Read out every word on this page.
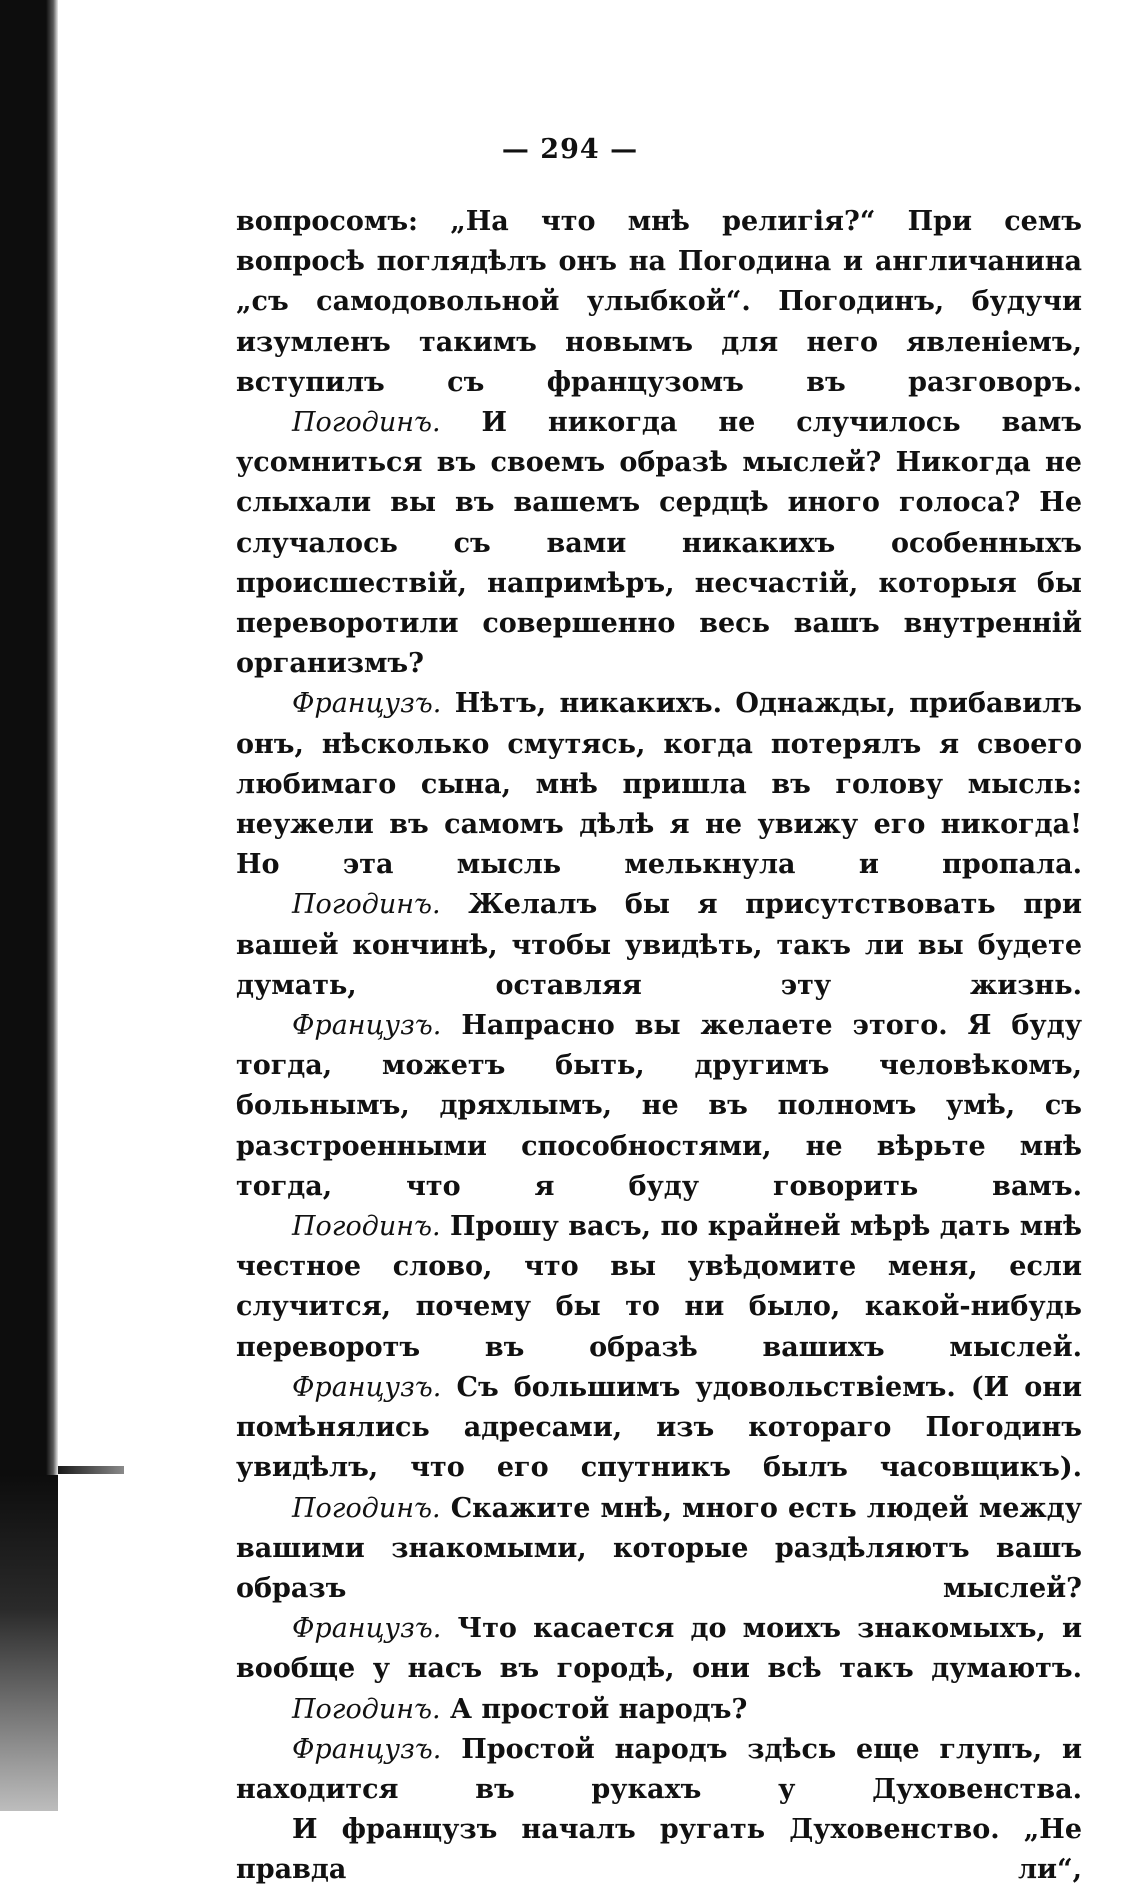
— 294 —

вопросомъ: „На что мнѣ религія?“ При семъ вопросѣ поглядѣлъ онъ на Погодина и англичанина „съ самодовольной улыбкой“. Погодинъ, будучи изумленъ такимъ новымъ для него явленіемъ, вступилъ съ французомъ въ разговоръ.

Погодинъ. И никогда не случилось вамъ усомниться въ своемъ образѣ мыслей? Никогда не слыхали вы въ вашемъ сердцѣ иного голоса? Не случалось съ вами никакихъ особенныхъ происшествій, напримѣръ, несчастій, которыя бы переворотили совершенно весь вашъ внутренній организмъ?

Французъ. Нѣтъ, никакихъ. Однажды, прибавилъ онъ, нѣсколько смутясь, когда потерялъ я своего любимаго сына, мнѣ пришла въ голову мысль: неужели въ самомъ дѣлѣ я не увижу его никогда! Но эта мысль мелькнула и пропала.

Погодинъ. Желалъ бы я присутствовать при вашей кончинѣ, чтобы увидѣть, такъ ли вы будете думать, оставляя эту жизнь.

Французъ. Напрасно вы желаете этого. Я буду тогда, можетъ быть, другимъ человѣкомъ, больнымъ, дряхлымъ, не въ полномъ умѣ, съ разстроенными способностями, не вѣрьте мнѣ тогда, что я буду говорить вамъ.

Погодинъ. Прошу васъ, по крайней мѣрѣ дать мнѣ честное слово, что вы увѣдомите меня, если случится, почему бы то ни было, какой-нибудь переворотъ въ образѣ вашихъ мыслей.

Французъ. Съ большимъ удовольствіемъ. (И они помѣнялись адресами, изъ котораго Погодинъ увидѣлъ, что его спутникъ былъ часовщикъ).

Погодинъ. Скажите мнѣ, много есть людей между вашими знакомыми, которые раздѣляютъ вашъ образъ мыслей?

Французъ. Что касается до моихъ знакомыхъ, и вообще у насъ въ городѣ, они всѣ такъ думаютъ.

Погодинъ. А простой народъ?

Французъ. Простой народъ здѣсь еще глупъ, и находится въ рукахъ у Духовенства.

И французъ началъ ругать Духовенство. „Не правда ли“,
